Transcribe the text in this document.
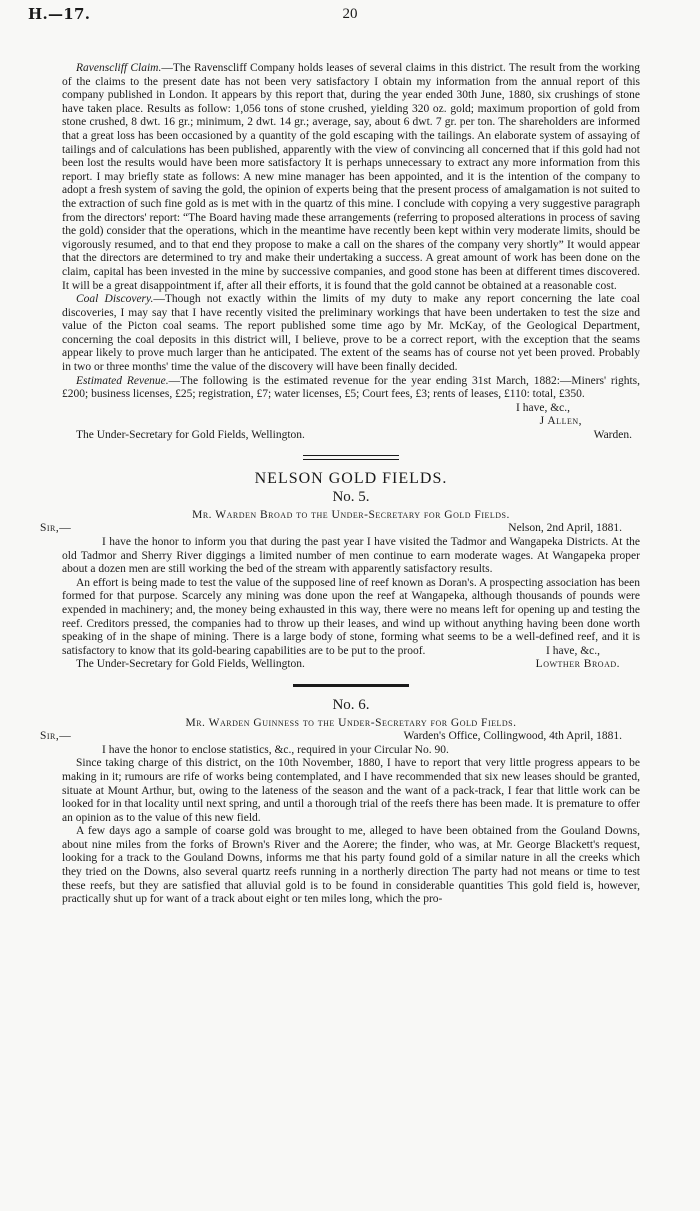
H.—17.	20

Ravenscliff Claim.—The Ravenscliff Company holds leases of several claims in this district. The result from the working of the claims to the present date has not been very satisfactory I obtain my information from the annual report of this company published in London. It appears by this report that, during the year ended 30th June, 1880, six crushings of stone have taken place. Results as follow: 1,056 tons of stone crushed, yielding 320 oz. gold; maximum proportion of gold from stone crushed, 8 dwt. 16 gr.; minimum, 2 dwt. 14 gr.; average, say, about 6 dwt. 7 gr. per ton. The shareholders are informed that a great loss has been occasioned by a quantity of the gold escaping with the tailings. An elaborate system of assaying of tailings and of calculations has been published, apparently with the view of convincing all concerned that if this gold had not been lost the results would have been more satisfactory It is perhaps unnecessary to extract any more information from this report. I may briefly state as follows: A new mine manager has been appointed, and it is the intention of the company to adopt a fresh system of saving the gold, the opinion of experts being that the present process of amalgamation is not suited to the extraction of such fine gold as is met with in the quartz of this mine. I conclude with copying a very suggestive paragraph from the directors' report: “The Board having made these arrangements (referring to proposed alterations in process of saving the gold) consider that the operations, which in the meantime have recently been kept within very moderate limits, should be vigorously resumed, and to that end they propose to make a call on the shares of the company very shortly” It would appear that the directors are determined to try and make their undertaking a success. A great amount of work has been done on the claim, capital has been invested in the mine by successive companies, and good stone has been at different times discovered. It will be a great disappointment if, after all their efforts, it is found that the gold cannot be obtained at a reasonable cost.

Coal Discovery.—Though not exactly within the limits of my duty to make any report concerning the late coal discoveries, I may say that I have recently visited the preliminary workings that have been undertaken to test the size and value of the Picton coal seams. The report published some time ago by Mr. McKay, of the Geological Department, concerning the coal deposits in this district will, I believe, prove to be a correct report, with the exception that the seams appear likely to prove much larger than he anticipated. The extent of the seams has of course not yet been proved. Probably in two or three months' time the value of the discovery will have been finally decided.

Estimated Revenue.—The following is the estimated revenue for the year ending 31st March, 1882:—Miners' rights, £200; business licenses, £25; registration, £7; water licenses, £5; Court fees, £3; rents of leases, £110: total, £350.

I have, &c.,
J Allen,
The Under-Secretary for Gold Fields, Wellington.	Warden.
NELSON GOLD FIELDS.
No. 5.
Mr. Warden Broad to the Under-Secretary for Gold Fields.
Sir,—	Nelson, 2nd April, 1881.

I have the honor to inform you that during the past year I have visited the Tadmor and Wangapeka Districts. At the old Tadmor and Sherry River diggings a limited number of men continue to earn moderate wages. At Wangapeka proper about a dozen men are still working the bed of the stream with apparently satisfactory results.

An effort is being made to test the value of the supposed line of reef known as Doran's. A prospecting association has been formed for that purpose. Scarcely any mining was done upon the reef at Wangapeka, although thousands of pounds were expended in machinery; and, the money being exhausted in this way, there were no means left for opening up and testing the reef. Creditors pressed, the companies had to throw up their leases, and wind up without anything having been done worth speaking of in the shape of mining. There is a large body of stone, forming what seems to be a well-defined reef, and it is satisfactory to know that its gold-bearing capabilities are to be put to the proof.	I have, &c.,
The Under-Secretary for Gold Fields, Wellington.	Lowther Broad.
No. 6.
Mr. Warden Guinness to the Under-Secretary for Gold Fields.
Sir,—	Warden's Office, Collingwood, 4th April, 1881.

I have the honor to enclose statistics, &c., required in your Circular No. 90.

Since taking charge of this district, on the 10th November, 1880, I have to report that very little progress appears to be making in it; rumours are rife of works being contemplated, and I have recommended that six new leases should be granted, situate at Mount Arthur, but, owing to the lateness of the season and the want of a pack-track, I fear that little work can be looked for in that locality until next spring, and until a thorough trial of the reefs there has been made. It is premature to offer an opinion as to the value of this new field.

A few days ago a sample of coarse gold was brought to me, alleged to have been obtained from the Gouland Downs, about nine miles from the forks of Brown's River and the Aorere; the finder, who was, at Mr. George Blackett's request, looking for a track to the Gouland Downs, informs me that his party found gold of a similar nature in all the creeks which they tried on the Downs, also several quartz reefs running in a northerly direction The party had not means or time to test these reefs, but they are satisfied that alluvial gold is to be found in considerable quantities This gold field is, however, practically shut up for want of a track about eight or ten miles long, which the pro-
